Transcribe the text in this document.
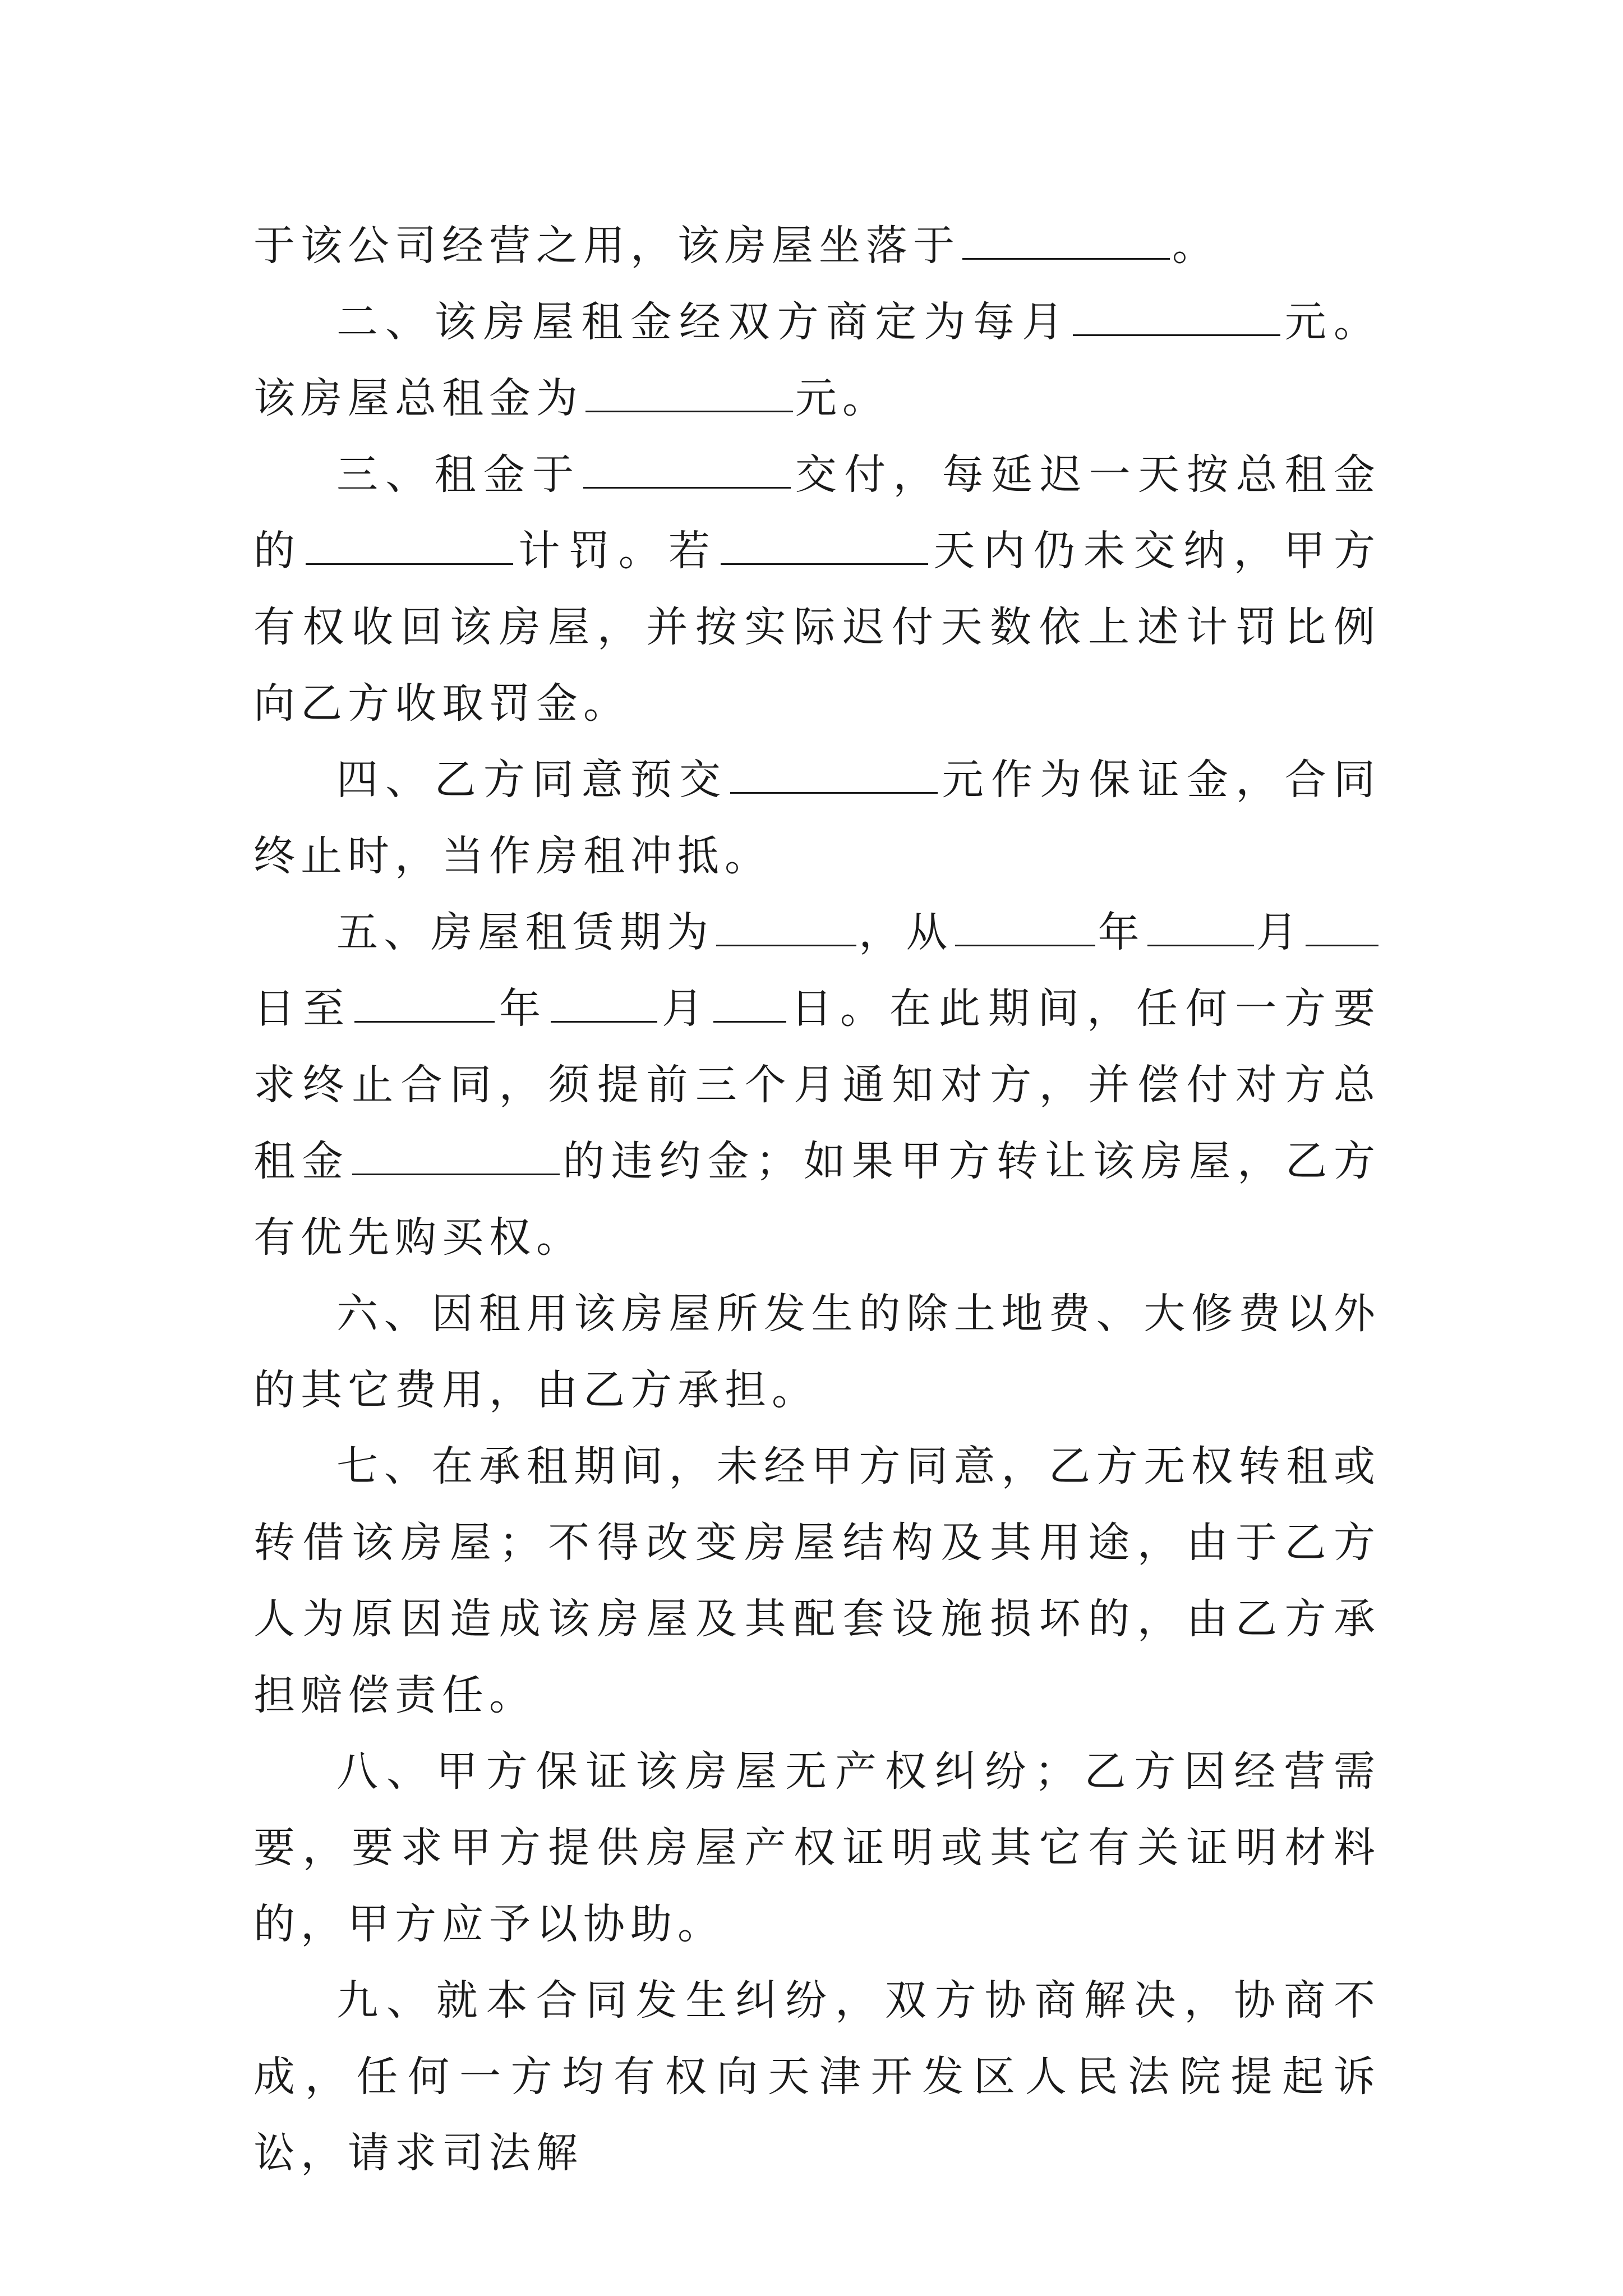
于该公司经营之用，该房屋坐落于	。

二、该房屋租金经双方商定为每月	元。该房屋总租金为	元。

三、租金于	交付，每延迟一天按总租金的	计罚。若	天内仍未交纳，甲方有权收回该房屋，并按实际迟付天数依上述计罚比例向乙方收取罚金。

四、乙方同意预交	元作为保证金，合同终止时，当作房租冲抵。

五、房屋租赁期为	，从	年	月日至	年	月 日。在此期间，任何一方要求终止合同，须提前三个月通知对方，并偿付对方总租金	的违约金；如果甲方转让该房屋，乙方有优先购买权。

六、因租用该房屋所发生的除土地费、大修费以外的其它费用，由乙方承担。

七、在承租期间，未经甲方同意，乙方无权转租或转借该房屋；不得改变房屋结构及其用途，由于乙方人为原因造成该房屋及其配套设施损坏的，由乙方承担赔偿责任。

八、甲方保证该房屋无产权纠纷；乙方因经营需要，要求甲方提供房屋产权证明或其它有关证明材料的，甲方应予以协助。

九、就本合同发生纠纷，双方协商解决，协商不成，任何一方均有权向天津开发区人民法院提起诉讼，请求司法解
